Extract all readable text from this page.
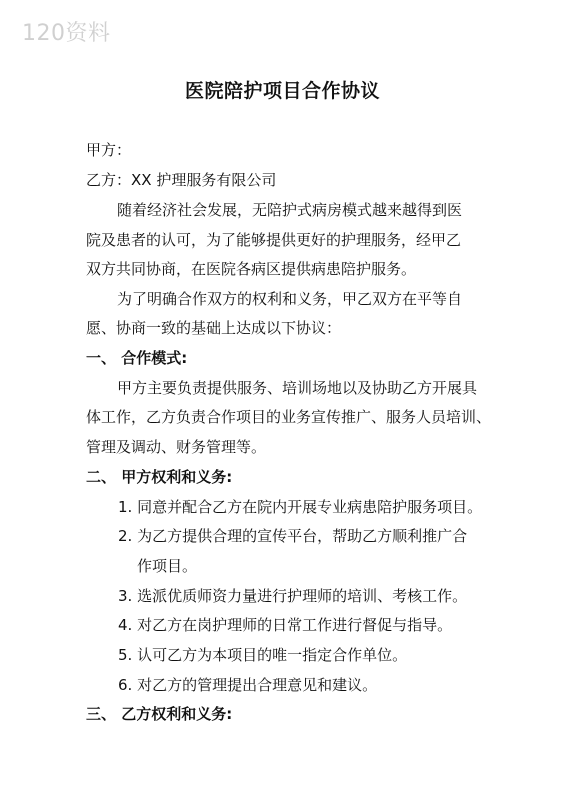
120资料
医院陪护项目合作协议
甲方：
乙方：XX 护理服务有限公司
随着经济社会发展，无陪护式病房模式越来越得到医
院及患者的认可，为了能够提供更好的护理服务，经甲乙
双方共同协商，在医院各病区提供病患陪护服务。
为了明确合作双方的权利和义务，甲乙双方在平等自
愿、协商一致的基础上达成以下协议：
一、 合作模式:
甲方主要负责提供服务、培训场地以及协助乙方开展具
体工作，乙方负责合作项目的业务宣传推广、服务人员培训、
管理及调动、财务管理等。
二、 甲方权利和义务:
1. 同意并配合乙方在院内开展专业病患陪护服务项目。
2. 为乙方提供合理的宣传平台，帮助乙方顺利推广合
作项目。
3. 选派优质师资力量进行护理师的培训、考核工作。
4. 对乙方在岗护理师的日常工作进行督促与指导。
5. 认可乙方为本项目的唯一指定合作单位。
6. 对乙方的管理提出合理意见和建议。
三、 乙方权利和义务:
